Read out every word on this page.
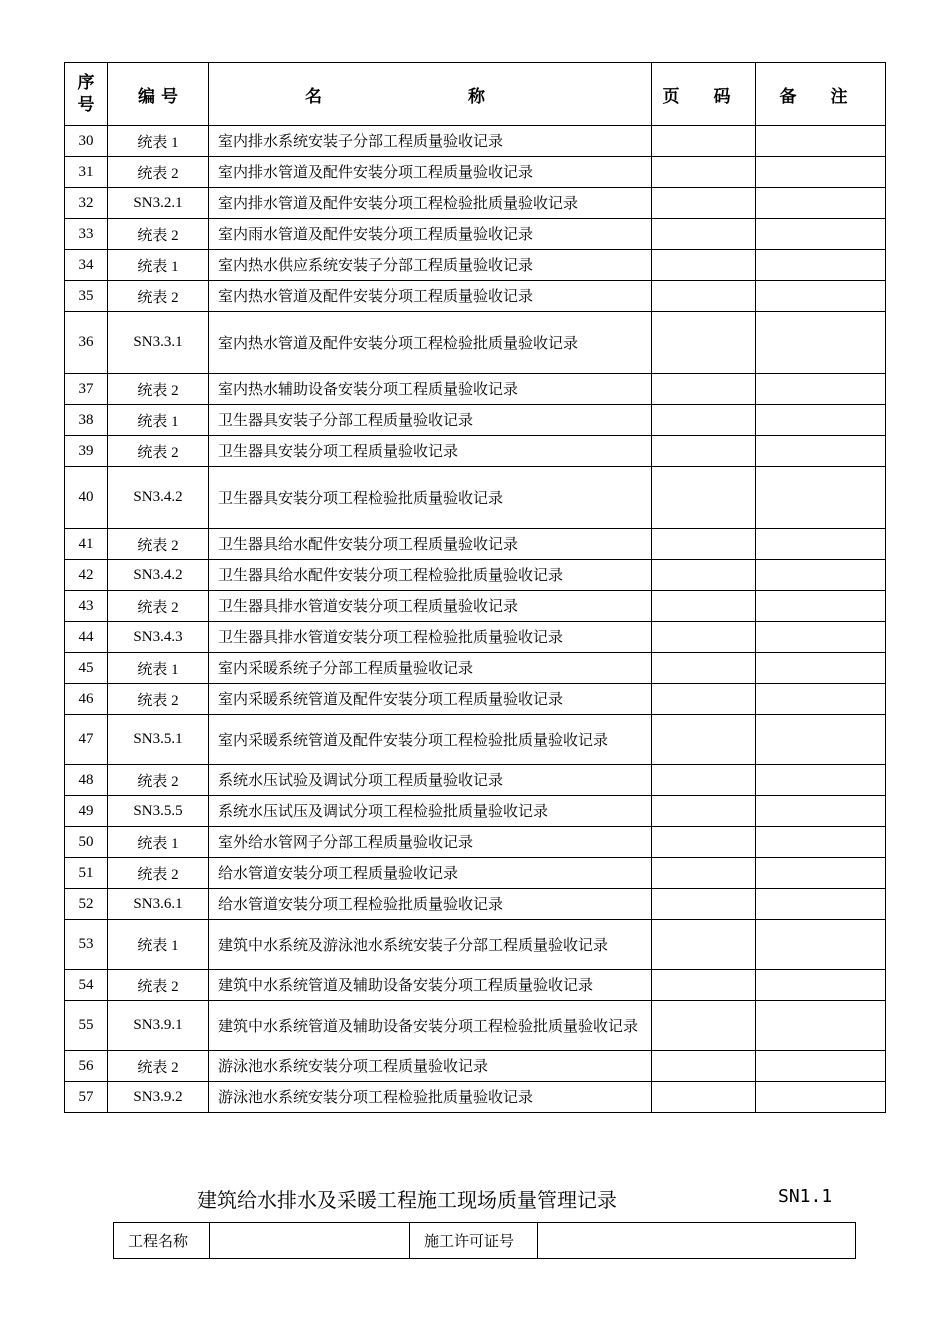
序
号	编 号	名 称	页 码	备 注
30	统表 1	室内排水系统安装子分部工程质量验收记录		
31	统表 2	室内排水管道及配件安装分项工程质量验收记录		
32	SN3.2.1	室内排水管道及配件安装分项工程检验批质量验收记录		
33	统表 2	室内雨水管道及配件安装分项工程质量验收记录		
34	统表 1	室内热水供应系统安装子分部工程质量验收记录		
35	统表 2	室内热水管道及配件安装分项工程质量验收记录		
36	SN3.3.1	室内热水管道及配件安装分项工程检验批质量验收记录		
37	统表 2	室内热水辅助设备安装分项工程质量验收记录		
38	统表 1	卫生器具安装子分部工程质量验收记录		
39	统表 2	卫生器具安装分项工程质量验收记录		
40	SN3.4.2	卫生器具安装分项工程检验批质量验收记录		
41	统表 2	卫生器具给水配件安装分项工程质量验收记录		
42	SN3.4.2	卫生器具给水配件安装分项工程检验批质量验收记录		
43	统表 2	卫生器具排水管道安装分项工程质量验收记录		
44	SN3.4.3	卫生器具排水管道安装分项工程检验批质量验收记录		
45	统表 1	室内采暖系统子分部工程质量验收记录		
46	统表 2	室内采暖系统管道及配件安装分项工程质量验收记录		
47	SN3.5.1	室内采暖系统管道及配件安装分项工程检验批质量验收记录		
48	统表 2	系统水压试验及调试分项工程质量验收记录		
49	SN3.5.5	系统水压试压及调试分项工程检验批质量验收记录		
50	统表 1	室外给水管网子分部工程质量验收记录		
51	统表 2	给水管道安装分项工程质量验收记录		
52	SN3.6.1	给水管道安装分项工程检验批质量验收记录		
53	统表 1	建筑中水系统及游泳池水系统安装子分部工程质量验收记录		
54	统表 2	建筑中水系统管道及辅助设备安装分项工程质量验收记录		
55	SN3.9.1	建筑中水系统管道及辅助设备安装分项工程检验批质量验收记录		
56	统表 2	游泳池水系统安装分项工程质量验收记录		
57	SN3.9.2	游泳池水系统安装分项工程检验批质量验收记录		
建筑给水排水及采暖工程施工现场质量管理记录	SN1.1
工程名称		施工许可证号	
